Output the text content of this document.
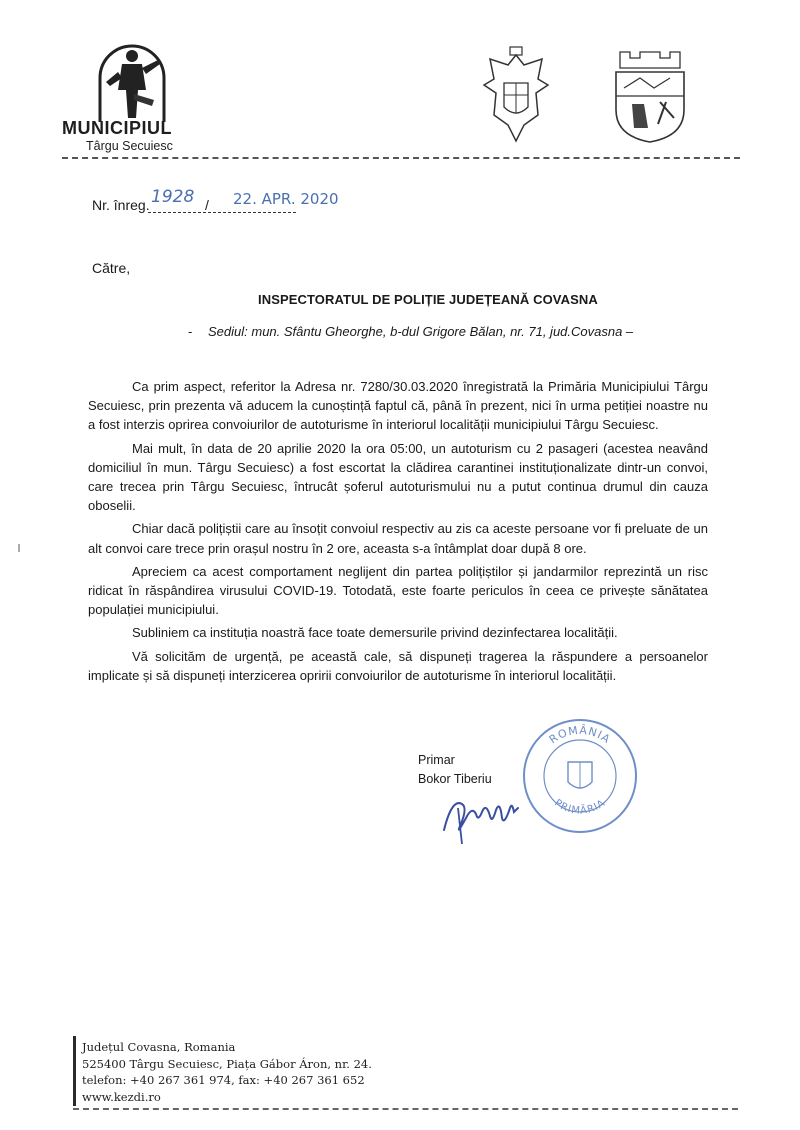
MUNICIPIUL
Târgu Secuiesc
Nr. înreg. 1928 / 22. APR. 2020
Către,
INSPECTORATUL DE POLIȚIE JUDEȚEANĂ COVASNA
- Sediul: mun. Sfântu Gheorghe, b-dul Grigore Bălan, nr. 71, jud.Covasna –

Ca prim aspect, referitor la Adresa nr. 7280/30.03.2020 înregistrată la Primăria Municipiului Târgu Secuiesc, prin prezenta vă aducem la cunoștință faptul că, până în prezent, nici în urma petiției noastre nu a fost interzis oprirea convoiurilor de autoturisme în interiorul localității municipiului Târgu Secuiesc.

Mai mult, în data de 20 aprilie 2020 la ora 05:00, un autoturism cu 2 pasageri (acestea neavând domiciliul în mun. Târgu Secuiesc) a fost escortat la clădirea carantinei instituționalizate dintr-un convoi, care trecea prin Târgu Secuiesc, întrucât șoferul autoturismului nu a putut continua drumul din cauza oboselii.

Chiar dacă polițiștii care au însoțit convoiul respectiv au zis ca aceste persoane vor fi preluate de un alt convoi care trece prin orașul nostru în 2 ore, aceasta s-a întâmplat doar după 8 ore.

Apreciem ca acest comportament neglijent din partea polițiștilor și jandarmilor reprezintă un risc ridicat în răspândirea virusului COVID-19. Totodată, este foarte periculos în ceea ce privește sănătatea populației municipiului.

Subliniem ca instituția noastră face toate demersurile privind dezinfectarea localității.

Vă solicităm de urgență, pe această cale, să dispuneți tragerea la răspundere a persoanelor implicate și să dispuneți interzicerea opririi convoiurilor de autoturisme în interiorul localității.

ROMÂNIA
PRIMĂRIA
Primar
Bokor Tiberiu
Județul Covasna, Romania
525400 Târgu Secuiesc, Piața Gábor Áron, nr. 24.
telefon: +40 267 361 974, fax: +40 267 361 652
www.kezdi.ro
